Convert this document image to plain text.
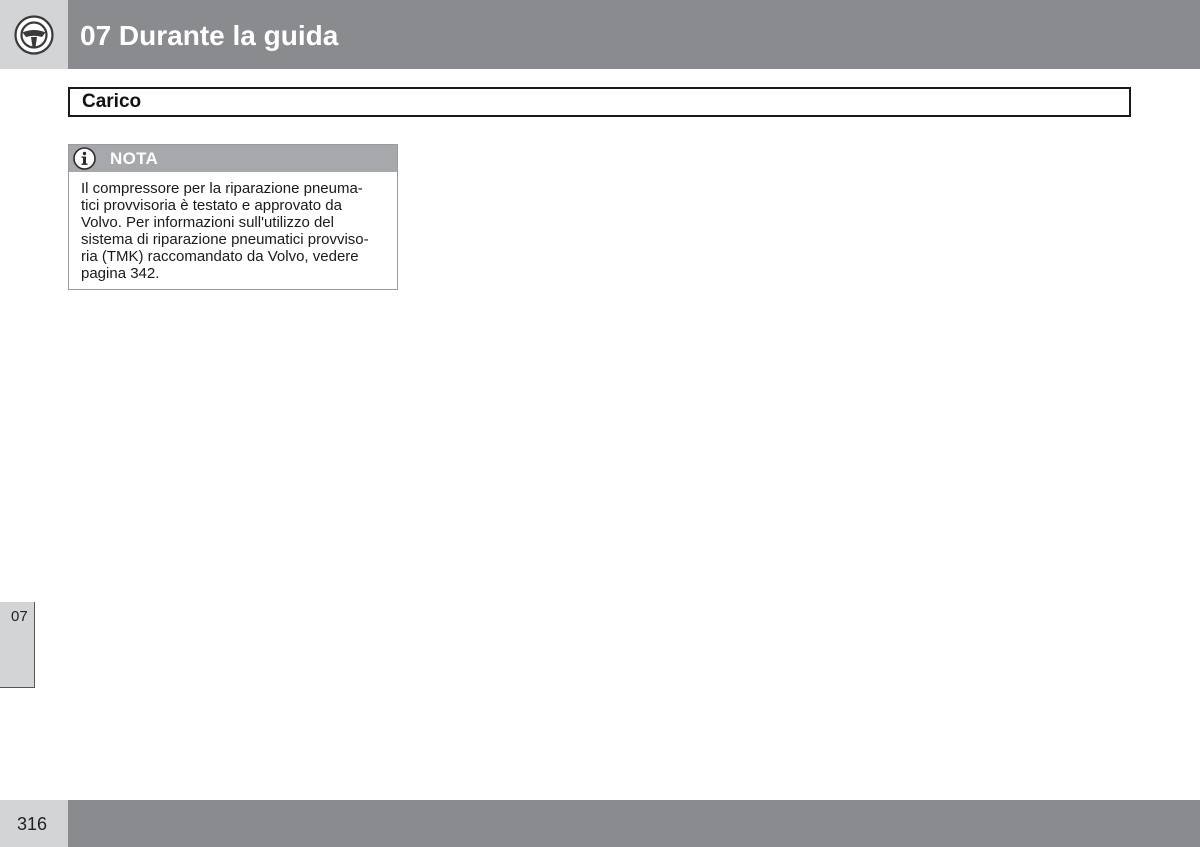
07 Durante la guida
Carico
NOTA
Il compressore per la riparazione pneuma-
tici provvisoria è testato e approvato da
Volvo. Per informazioni sull'utilizzo del
sistema di riparazione pneumatici provviso-
ria (TMK) raccomandato da Volvo, vedere
pagina 342.
07
316
